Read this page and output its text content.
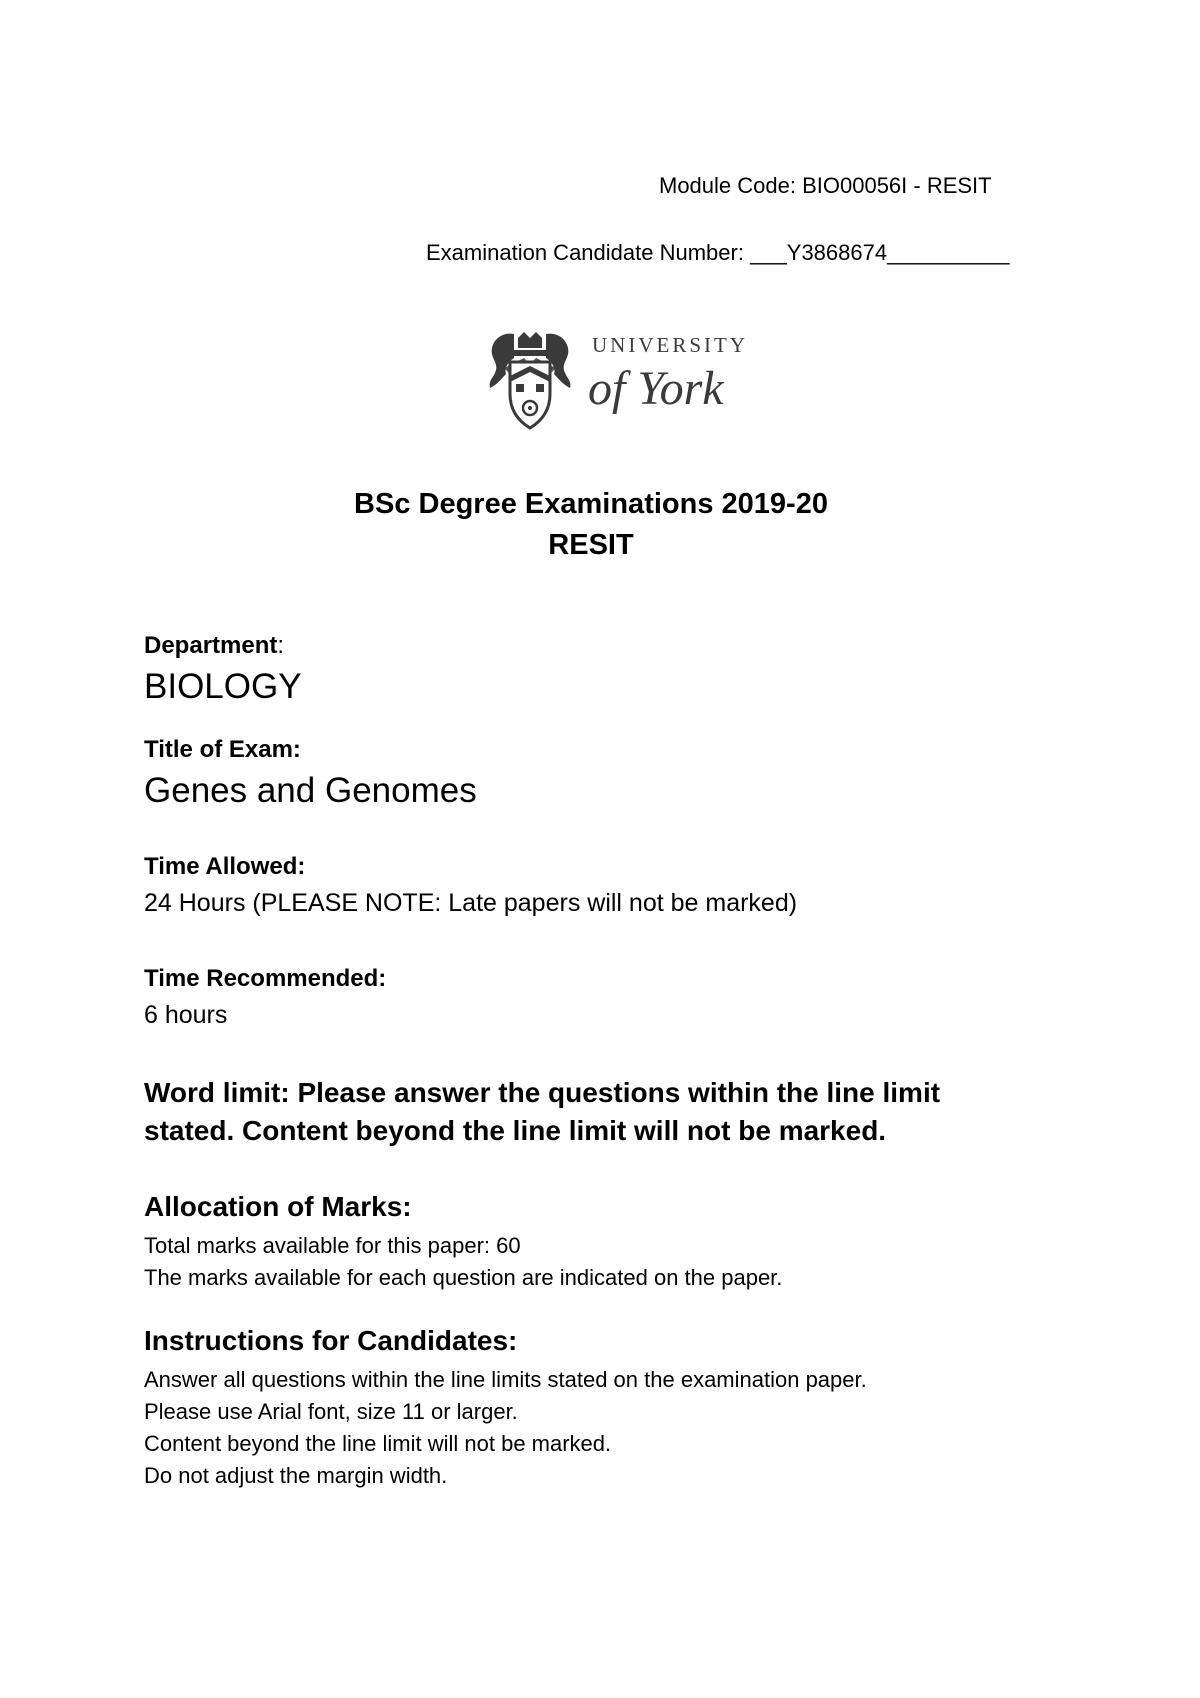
Module Code: BIO00056I - RESIT
Examination Candidate Number: ___Y3868674__________
UNIVERSITY
of York
BSc Degree Examinations 2019-20
RESIT
Department:
BIOLOGY
Title of Exam:
Genes and Genomes
Time Allowed:
24 Hours (PLEASE NOTE: Late papers will not be marked)
Time Recommended:
6 hours
Word limit: Please answer the questions within the line limit stated. Content beyond the line limit will not be marked.
Allocation of Marks:
Total marks available for this paper: 60
The marks available for each question are indicated on the paper.
Instructions for Candidates:
Answer all questions within the line limits stated on the examination paper.
Please use Arial font, size 11 or larger.
Content beyond the line limit will not be marked.
Do not adjust the margin width.
